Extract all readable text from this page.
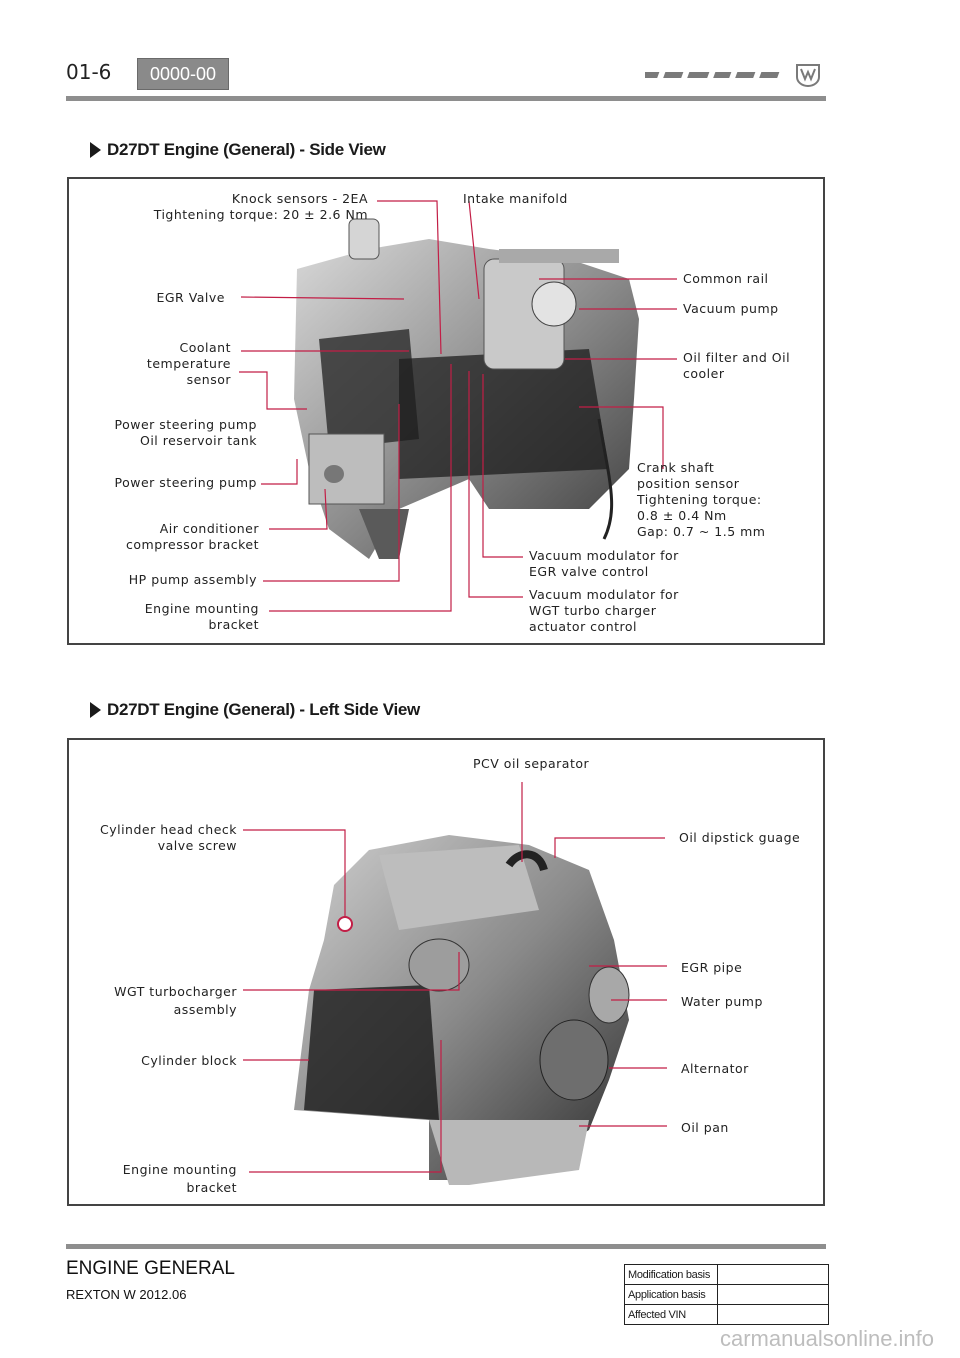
01-6	0000-00
D27DT Engine (General) - Side View
Knock sensors - 2EA
Tightening torque: 20 ± 2.6 Nm
Intake manifold
EGR Valve
Common rail
Vacuum pump
Coolant
temperature
sensor
Oil filter and Oil
cooler
Power steering pump
Oil reservoir tank
Power steering pump
Crank shaft
position sensor
Tightening torque:
0.8 ± 0.4 Nm
Gap: 0.7 ~ 1.5 mm
Air conditioner
compressor bracket
Vacuum modulator for
EGR valve control
HP pump assembly
Engine mounting
bracket
Vacuum modulator for
WGT turbo charger
actuator control
D27DT Engine (General) - Left Side View
PCV oil separator
Cylinder head check
valve screw
Oil dipstick guage
EGR pipe
WGT turbocharger
assembly
Water pump
Cylinder block
Alternator
Oil pan
Engine mounting
bracket
ENGINE GENERAL
REXTON W 2012.06
Modification basis	
Application basis	
Affected VIN	
carmanualsonline.info
